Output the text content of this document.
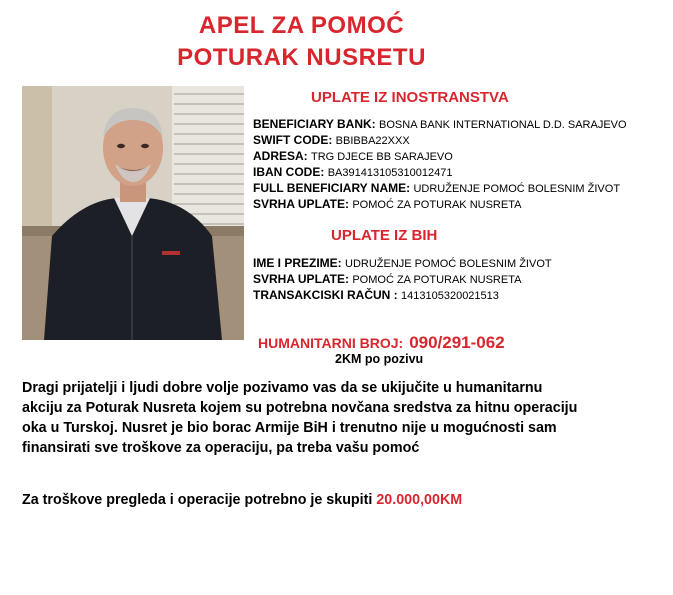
APEL ZA POMOĆ
POTURAK NUSRETU
UPLATE IZ INOSTRANSTVA
BENEFICIARY BANK: BOSNA BANK INTERNATIONAL D.D. SARAJEVO
SWIFT CODE: BBIBBA22XXX
ADRESA: TRG DJECE BB SARAJEVO
IBAN CODE: BA391413105310012471
FULL BENEFICIARY NAME: UDRUŽENJE POMOĆ BOLESNIM ŽIVOT
SVRHA UPLATE: POMOĆ ZA POTURAK NUSRETA
UPLATE IZ BIH
IME I PREZIME: UDRUŽENJE POMOĆ BOLESNIM ŽIVOT
SVRHA UPLATE: POMOĆ ZA POTURAK NUSRETA
TRANSAKCISKI RAČUN : 1413105320021513
HUMANITARNI BROJ: 090/291-062
2KM po pozivu
Dragi prijatelji i ljudi dobre volje pozivamo vas da se ukijučite u humanitarnu akciju za Poturak Nusreta kojem su potrebna novčana sredstva za hitnu operaciju oka u Turskoj. Nusret je bio borac Armije BiH i trenutno nije u mogućnosti sam finansirati sve troškove za operaciju, pa treba vašu pomoć
Za troškove pregleda i operacije potrebno je skupiti 20.000,00KM
